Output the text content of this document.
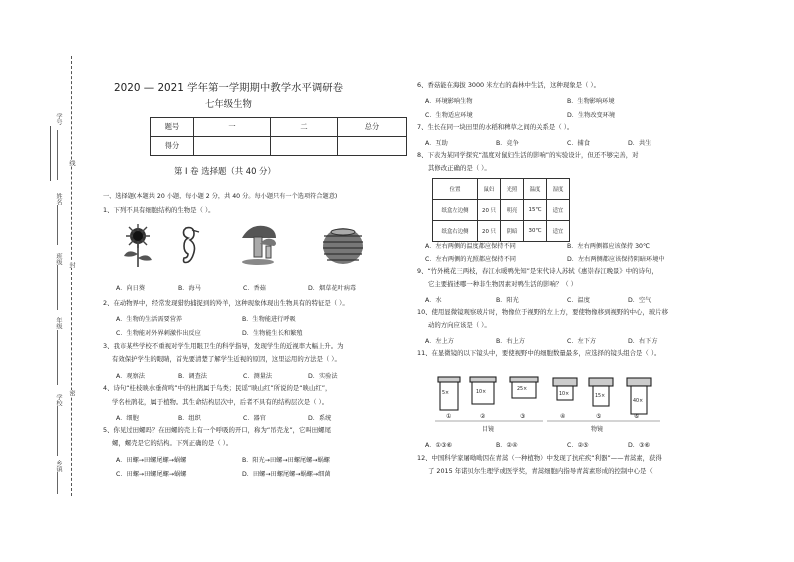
学号
姓名
班级
年级
学校
乡镇
线
封
密
2020 — 2021 学年第一学期期中教学水平调研卷
七年级生物
题号	一	二	总分
得分			
第 I 卷 选择题（共 40 分）
一、选择题(本题共 20 小题，每小题 2 分，共 40 分。每小题只有一个选项符合题意)
1、下列不具有细胞结构的生物是（ ）。
A．向日葵	B．海马	C．香菇	D．烟草花叶病毒
2、在动物界中，经常发现猎豹捕捉到的羚羊，这种现象体现出生物具有的特征是（ ）。
A．生物的生活需要营养	B．生物能进行呼吸
C．生物能对外界刺激作出反应	D．生物能生长和繁殖
3、我市某些学校不重视对学生用眼卫生的科学指导，发现学生的近视率大幅上升。为
有效保护学生的眼睛，首先要清楚了解学生近视的原因，这里运用的方法是（ ）。
A．观察法	B．调查法	C．测量法	D．实验法
4、诗句“桂枝映水垂荷鸣”中的杜鹃属于鸟类；民谣“映山红”所说的是“映山红”，
学名杜鹃花，属于植物。其生命结构层次中，后者不具有的结构层次是（ ）。
A．细胞	B．组织	C．器官	D．系统
5、你见过田螺吗？在田螺的壳上有一个呼吸的开口，称为“吊壳龙”，它叫田螺尾
螺，螺壳是它的结构。下列正确的是（ ）。
A．田螺→田螺尾螺→蜗螺	B．阳光→田螺→田螺尾螺→蜗螺
C．田螺→田螺尾螺→蜗螺	D．田螺→田螺尾螺→蜗螺→细菌
6、香菇能在海拔 3000 米左右的森林中生活，这种现象是（ ）。
A．环境影响生物	B．生物影响环境
C．生物适应环境	D．生物改变环境
7、生长在同一块田里的水稻和稗草之间的关系是（ ）。
A．互助	B．竞争	C．捕食	D．共生
8、下表为某同学探究“温度对鼠妇生活的影响”的实验设计，但还不够完善，对
其修改正确的是（ ）。
位置	鼠妇	光照	温度	湿度
纸盒左边侧	20 只	明亮	15℃	适宜
纸盒右边侧	20 只	阴暗	30℃	适宜
A．左右两侧的温度都应保持不同	B．左右两侧都应该保持 30℃
C．左右两侧的光照都应保持不同	D．左右两侧都应该保持阴暗环境中
9、“竹外桃花三两枝，春江水暖鸭先知”是宋代诗人苏轼《惠崇春江晚景》中的诗句，
它主要描述哪一种非生物因素对鸭生活的影响？（ ）
A．水	B．阳光	C．温度	D．空气
10、使用显微镜观察玻片时，物像位于视野的左上方，要使物像移到视野的中心，玻片移
动的方向应该是（ ）。
A．左上方	B．右上方	C．左下方	D．右下方
11、在显微镜的以下镜头中，要使视野中的细胞数量最多，应选择的镜头组合是（ ）。
5×	10×
25×
10×	15×
40×
①	②	③	④	⑤	⑥
目镜	物镜
A．①③⑥	B．②④	C．②⑤	D．③⑥
12、中国科学家屠呦呦因在青蒿（一种植物）中发现了抗疟疾“利器”——青蒿素，获得
了 2015 年诺贝尔生理学或医学奖，青蒿细胞内指导青蒿素形成的控制中心是（
